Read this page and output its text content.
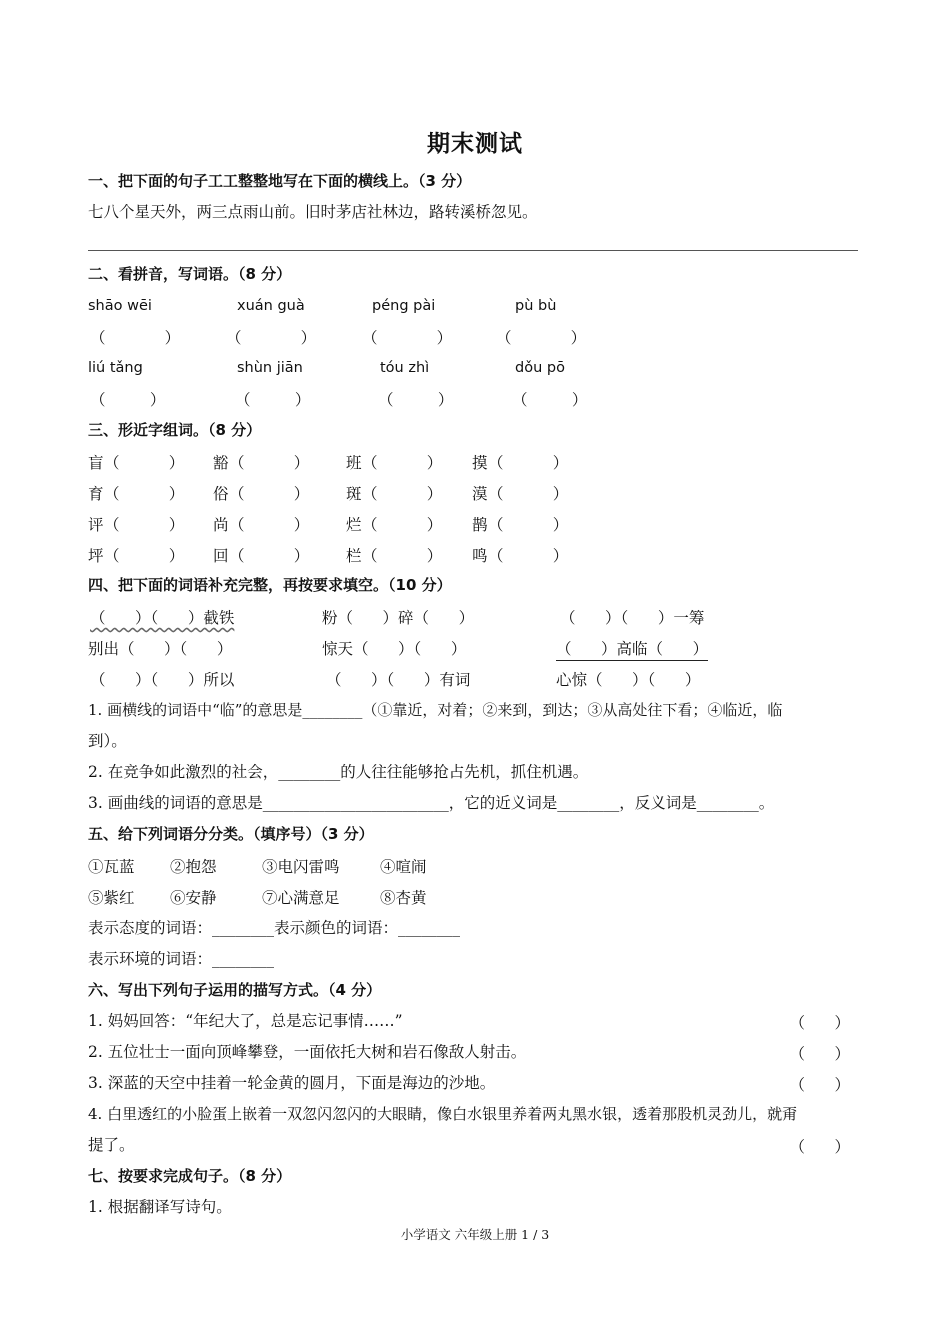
期末测试
一、把下面的句子工工整整地写在下面的横线上。（3 分）
七八个星天外，两三点雨山前。旧时茅店社林边，路转溪桥忽见。
二、看拼音，写词语。（8 分）
shāo wēi	xuán guà	péng pài	pù bù
（            ）	（            ）	（            ）	（            ）
liú tǎng	shùn jiān	tóu zhì	dǒu pō
（         ）	（         ）	（         ）	（         ）
三、形近字组词。（8 分）
盲 （          ） 豁 （          ） 班 （          ） 摸 （          ）
育 （          ） 俗 （          ） 斑 （          ） 漠 （          ）
评 （          ） 尚 （          ） 烂 （          ） 鹊 （          ）
坪 （          ） 回 （          ） 栏 （          ） 鸣 （          ）
四、把下面的词语补充完整，再按要求填空。（10 分）
（      ）（      ）截铁	粉（      ）碎（      ）	（      ）（      ）一筹
别出（      ）（      ）	惊天（      ）（      ）	（      ）高临（      ）
（      ）（      ）所以	（      ）（      ）有词	心惊（      ）（      ）
1. 画横线的词语中“临”的意思是________（①靠近，对着；②来到，到达；③从高处往下看；④临近，临
到）。
2. 在竞争如此激烈的社会，________的人往往能够抢占先机，抓住机遇。
3. 画曲线的词语的意思是________________________，它的近义词是________，反义词是________。
五、给下列词语分分类。（填序号）（3 分）
①瓦蓝 ②抱怨	③电闪雷鸣	④喧闹
⑤紫红 ⑥安静	⑦心满意足	⑧杏黄
表示态度的词语：________表示颜色的词语：________
表示环境的词语：________
六、写出下列句子运用的描写方式。（4 分）
1. 妈妈回答：“年纪大了，总是忘记事情……”	（      ）
2. 五位壮士一面向顶峰攀登，一面依托大树和岩石像敌人射击。	（      ）
3. 深蓝的天空中挂着一轮金黄的圆月，下面是海边的沙地。	（      ）
4. 白里透红的小脸蛋上嵌着一双忽闪忽闪的大眼睛，像白水银里养着两丸黑水银，透着那股机灵劲儿，就甭
提了。	（      ）
七、按要求完成句子。（8 分）
1. 根据翻译写诗句。
小学语文 六年级上册 1 / 3
